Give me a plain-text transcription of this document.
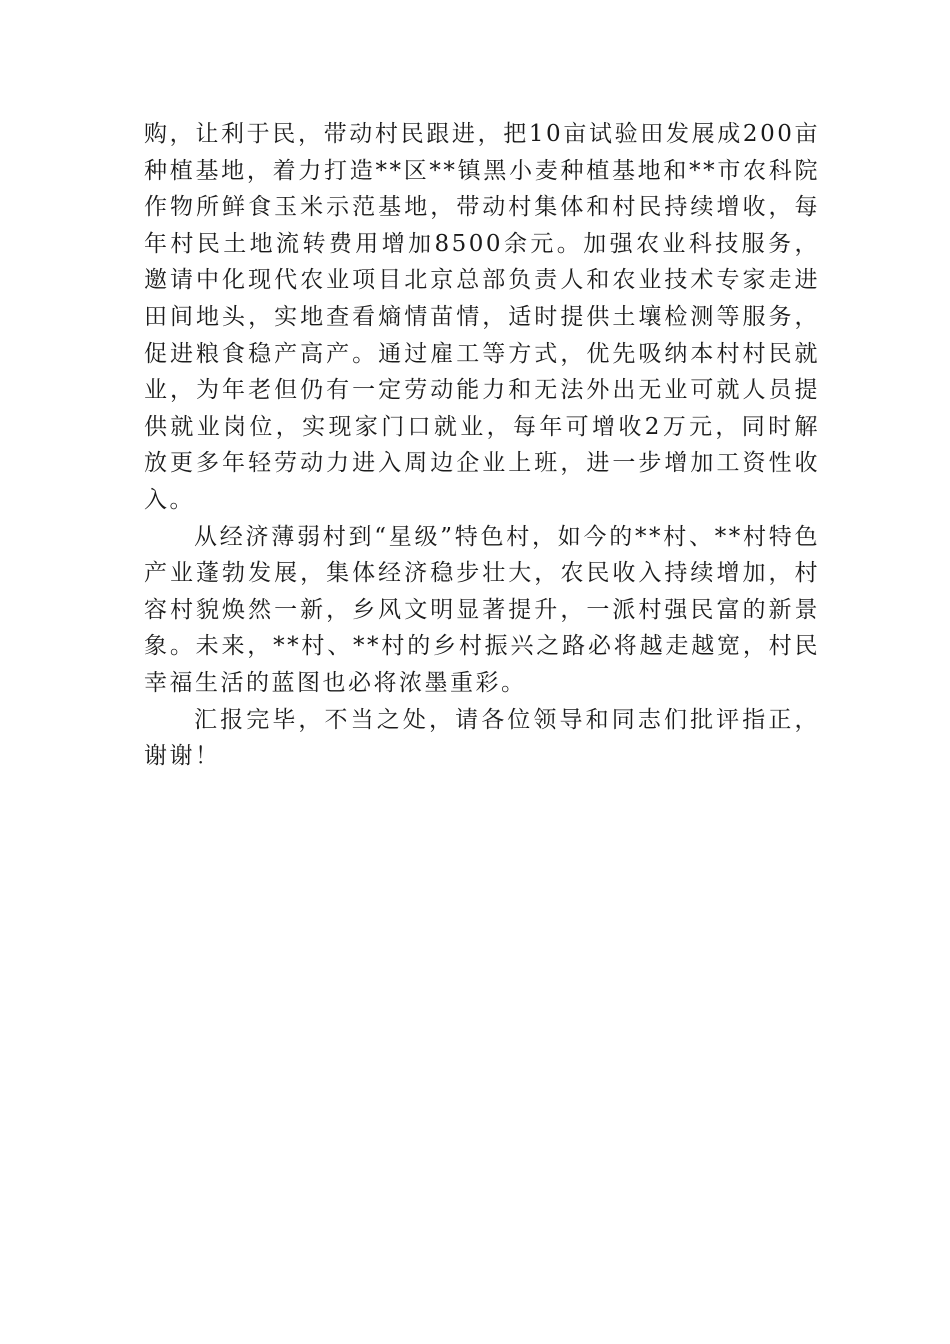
购，让利于民，带动村民跟进，把10亩试验田发展成200亩种植基地，着力打造**区**镇黑小麦种植基地和**市农科院作物所鲜食玉米示范基地，带动村集体和村民持续增收，每年村民土地流转费用增加8500余元。加强农业科技服务，邀请中化现代农业项目北京总部负责人和农业技术专家走进田间地头，实地查看熵情苗情，适时提供土壤检测等服务，促进粮食稳产高产。通过雇工等方式，优先吸纳本村村民就业，为年老但仍有一定劳动能力和无法外出无业可就人员提供就业岗位，实现家门口就业，每年可增收2万元，同时解放更多年轻劳动力进入周边企业上班，进一步增加工资性收入。

从经济薄弱村到“星级”特色村，如今的**村、**村特色产业蓬勃发展，集体经济稳步壮大，农民收入持续增加，村容村貌焕然一新，乡风文明显著提升，一派村强民富的新景象。未来，**村、**村的乡村振兴之路必将越走越宽，村民幸福生活的蓝图也必将浓墨重彩。

汇报完毕，不当之处，请各位领导和同志们批评指正，谢谢！
